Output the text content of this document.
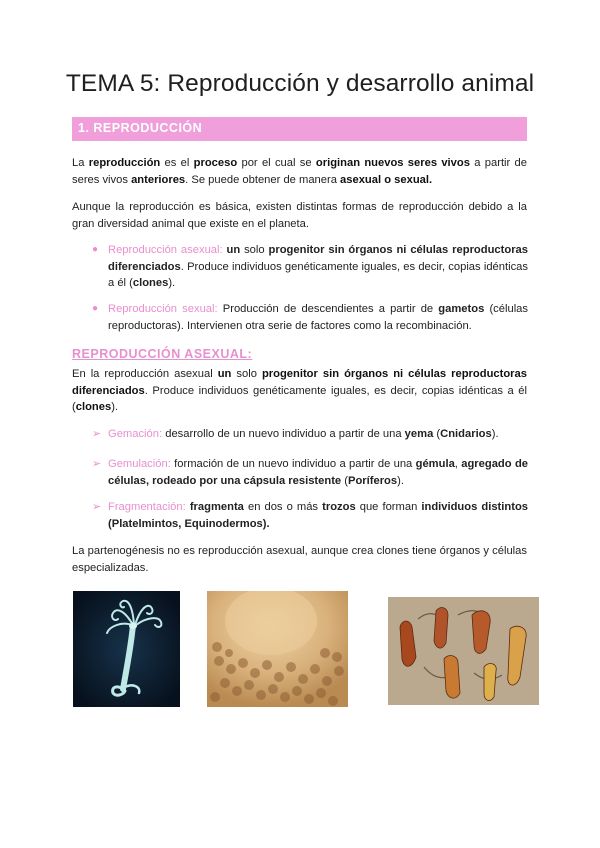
TEMA 5: Reproducción y desarrollo animal
1. REPRODUCCIÓN
La reproducción es el proceso por el cual se originan nuevos seres vivos a partir de seres vivos anteriores. Se puede obtener de manera asexual o sexual.
Aunque la reproducción es básica, existen distintas formas de reproducción debido a la gran diversidad animal que existe en el planeta.
● Reproducción asexual: un solo progenitor sin órganos ni células reproductoras diferenciados. Produce individuos genéticamente iguales, es decir, copias idénticas a él (clones).
● Reproducción sexual: Producción de descendientes a partir de gametos (células reproductoras). Intervienen otra serie de factores como la recombinación.
REPRODUCCIÓN ASEXUAL:
En la reproducción asexual un solo progenitor sin órganos ni células reproductoras diferenciados. Produce individuos genéticamente iguales, es decir, copias idénticas a él (clones).
➢ Gemación: desarrollo de un nuevo individuo a partir de una yema (Cnidarios).
➢ Gemulación: formación de un nuevo individuo a partir de una gémula, agregado de células, rodeado por una cápsula resistente (Poríferos).
➢ Fragmentación: fragmenta en dos o más trozos que forman individuos distintos (Platelmintos, Equinodermos).
La partenogénesis no es reproducción asexual, aunque crea clones tiene órganos y células especializadas.
